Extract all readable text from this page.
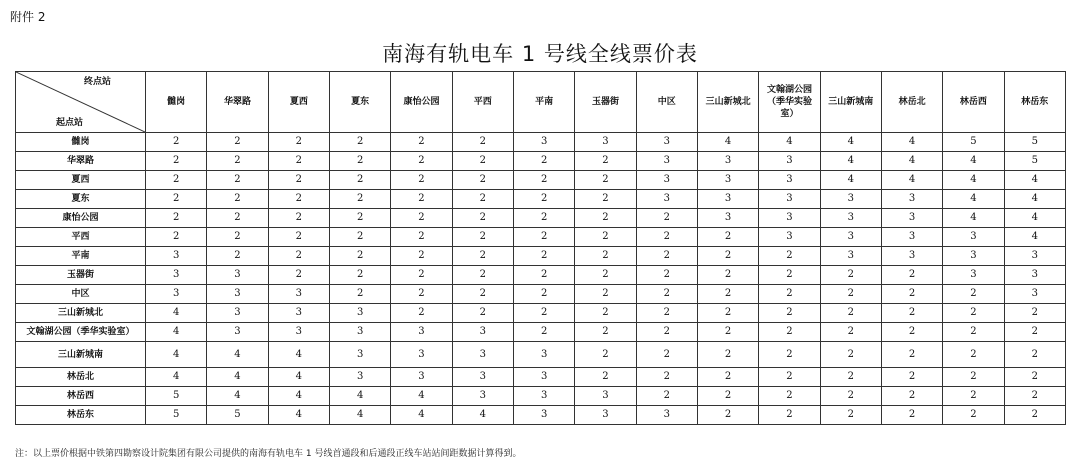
附件 2
南海有轨电车 1 号线全线票价表
终点站
起点站	雠岗	华翠路	夏西	夏东	康怡公园	平西	平南	玉器街	中区	三山新城北	文翰湖公园（季华实验室）	三山新城南	林岳北	林岳西	林岳东
雠岗	2	2	2	2	2	2	3	3	3	4	4	4	4	5	5
华翠路	2	2	2	2	2	2	2	2	3	3	3	4	4	4	5
夏西	2	2	2	2	2	2	2	2	3	3	3	4	4	4	4
夏东	2	2	2	2	2	2	2	2	3	3	3	3	3	4	4
康怡公园	2	2	2	2	2	2	2	2	2	3	3	3	3	4	4
平西	2	2	2	2	2	2	2	2	2	2	3	3	3	3	4
平南	3	2	2	2	2	2	2	2	2	2	2	3	3	3	3
玉器街	3	3	2	2	2	2	2	2	2	2	2	2	2	3	3
中区	3	3	3	2	2	2	2	2	2	2	2	2	2	2	3
三山新城北	4	3	3	3	2	2	2	2	2	2	2	2	2	2	2
文翰湖公园（季华实验室）	4	3	3	3	3	3	2	2	2	2	2	2	2	2	2
三山新城南	4	4	4	3	3	3	3	2	2	2	2	2	2	2	2
林岳北	4	4	4	3	3	3	3	2	2	2	2	2	2	2	2
林岳西	5	4	4	4	4	3	3	3	2	2	2	2	2	2	2
林岳东	5	5	4	4	4	4	3	3	3	2	2	2	2	2	2
注：以上票价根据中铁第四勘察设计院集团有限公司提供的南海有轨电车 1 号线首通段和后通段正线车站站间距数据计算得到。
